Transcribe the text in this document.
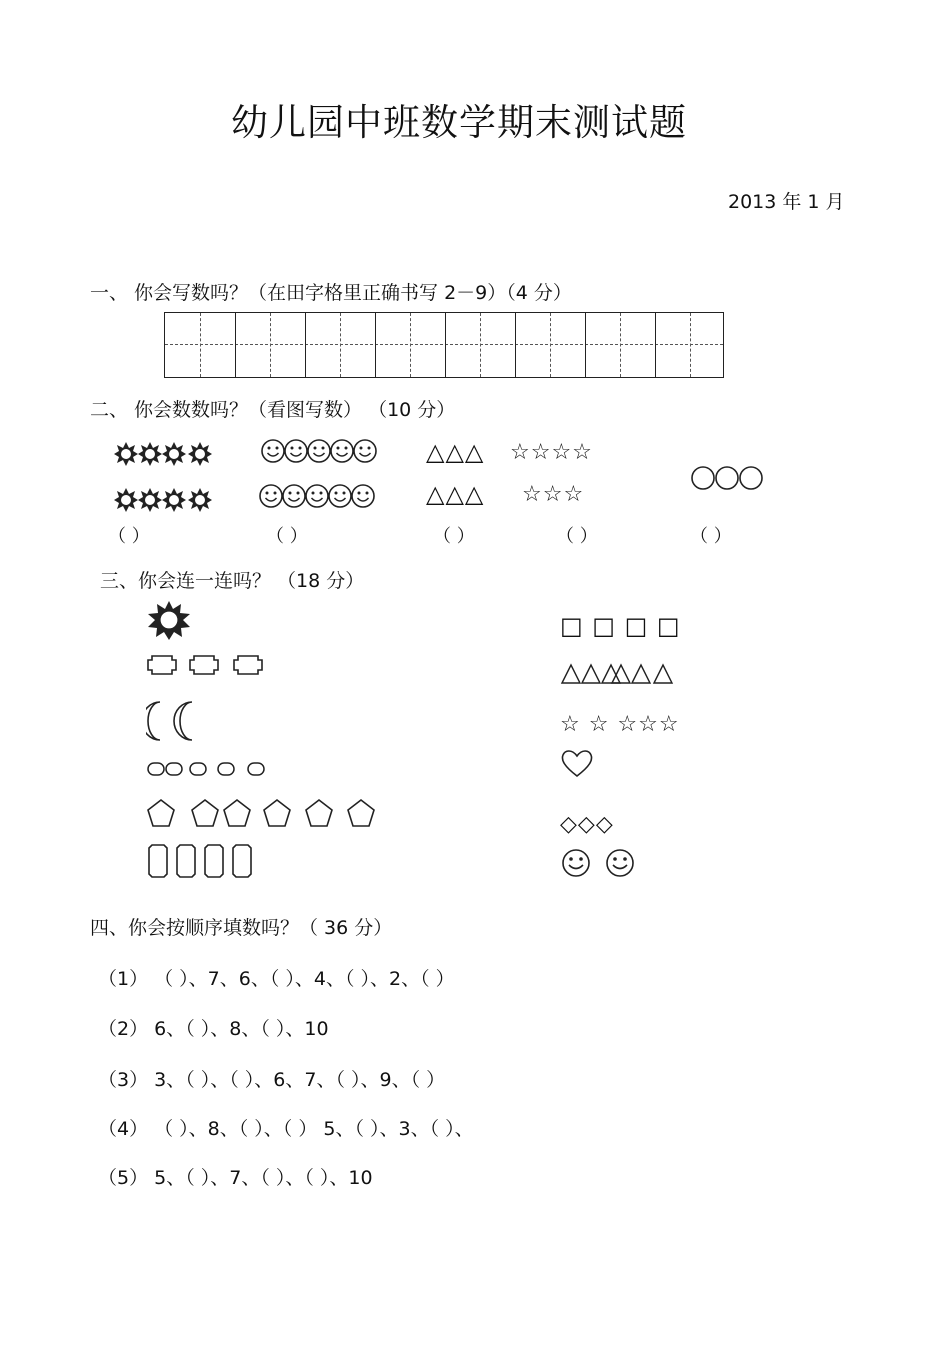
幼儿园中班数学期末测试题
2013 年 1 月
一、 你会写数吗？（在田字格里正确书写 2－9）（4 分）
二、 你会数数吗？（看图写数） （10 分）
△△△
△△△
☆☆☆☆
☆☆☆
（ ）	（ ）	（ ）	（ ）	（ ）
三、你会连一连吗？ （18 分）
□ □ □ □
☆ ☆ ☆☆☆
◇◇◇
四、你会按顺序填数吗？（ 36 分）
（1） （ ）、7、6、（ ）、4、（ ）、2、（ ）
（2） 6、（ ）、8、（ ）、10
（3） 3、（ ）、（ ）、6、7、（ ）、9、（ ）
（4） （ ）、8、（ ）、（ ） 5、（ ）、3、（ ）、
（5） 5、（ ）、7、（ ）、（ ）、10
